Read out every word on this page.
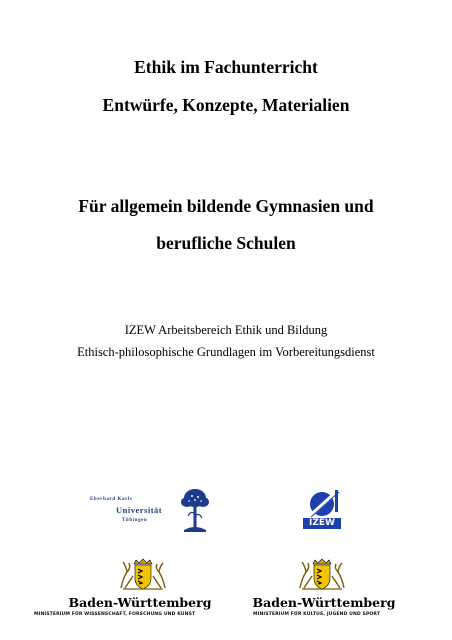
Ethik im Fachunterricht
Entwürfe, Konzepte, Materialien
Für allgemein bildende Gymnasien und
berufliche Schulen
IZEW Arbeitsbereich Ethik und Bildung
Ethisch-philosophische Grundlagen im Vorbereitungsdienst
Eberhard Karls
Universität
Tübingen	IZEW
Baden-Württemberg
MINISTERIUM FÜR WISSENSCHAFT, FORSCHUNG UND KUNST
Baden-Württemberg
MINISTERIUM FÜR KULTUS, JUGEND UND SPORT
